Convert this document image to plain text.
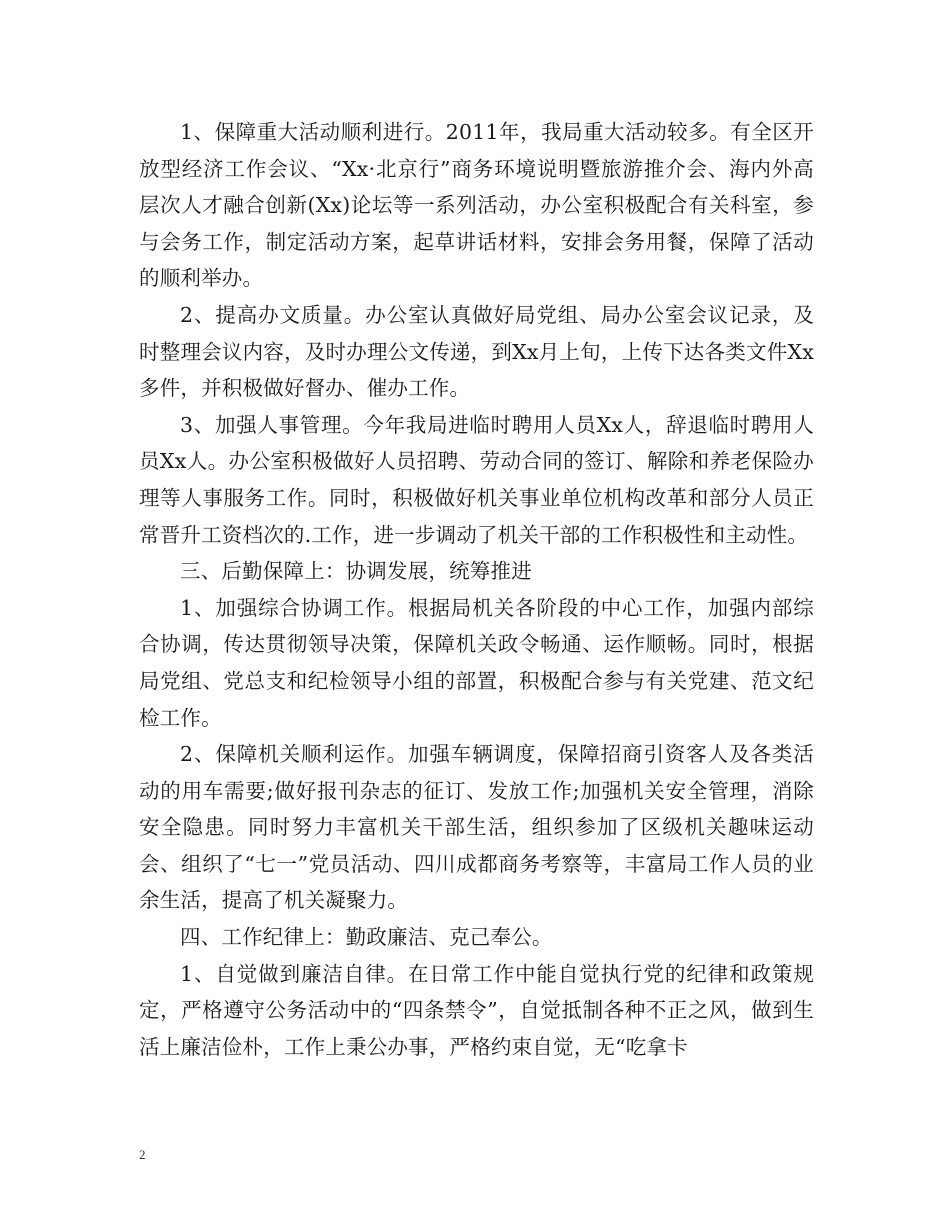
1、保障重大活动顺利进行。2011年，我局重大活动较多。有全区开放型经济工作会议、“Xx·北京行”商务环境说明暨旅游推介会、海内外高层次人才融合创新(Xx)论坛等一系列活动，办公室积极配合有关科室，参与会务工作，制定活动方案，起草讲话材料，安排会务用餐，保障了活动的顺利举办。

2、提高办文质量。办公室认真做好局党组、局办公室会议记录，及时整理会议内容，及时办理公文传递，到Xx月上旬，上传下达各类文件Xx多件，并积极做好督办、催办工作。

3、加强人事管理。今年我局进临时聘用人员Xx人，辞退临时聘用人员Xx人。办公室积极做好人员招聘、劳动合同的签订、解除和养老保险办理等人事服务工作。同时，积极做好机关事业单位机构改革和部分人员正常晋升工资档次的.工作，进一步调动了机关干部的工作积极性和主动性。

三、后勤保障上：协调发展，统筹推进

1、加强综合协调工作。根据局机关各阶段的中心工作，加强内部综合协调，传达贯彻领导决策，保障机关政令畅通、运作顺畅。同时，根据局党组、党总支和纪检领导小组的部置，积极配合参与有关党建、范文纪检工作。

2、保障机关顺利运作。加强车辆调度，保障招商引资客人及各类活动的用车需要;做好报刊杂志的征订、发放工作;加强机关安全管理，消除安全隐患。同时努力丰富机关干部生活，组织参加了区级机关趣味运动会、组织了“七一”党员活动、四川成都商务考察等，丰富局工作人员的业余生活，提高了机关凝聚力。

四、工作纪律上：勤政廉洁、克己奉公。

1、自觉做到廉洁自律。在日常工作中能自觉执行党的纪律和政策规定，严格遵守公务活动中的“四条禁令”，自觉抵制各种不正之风，做到生活上廉洁俭朴，工作上秉公办事，严格约束自觉，无“吃拿卡

2
